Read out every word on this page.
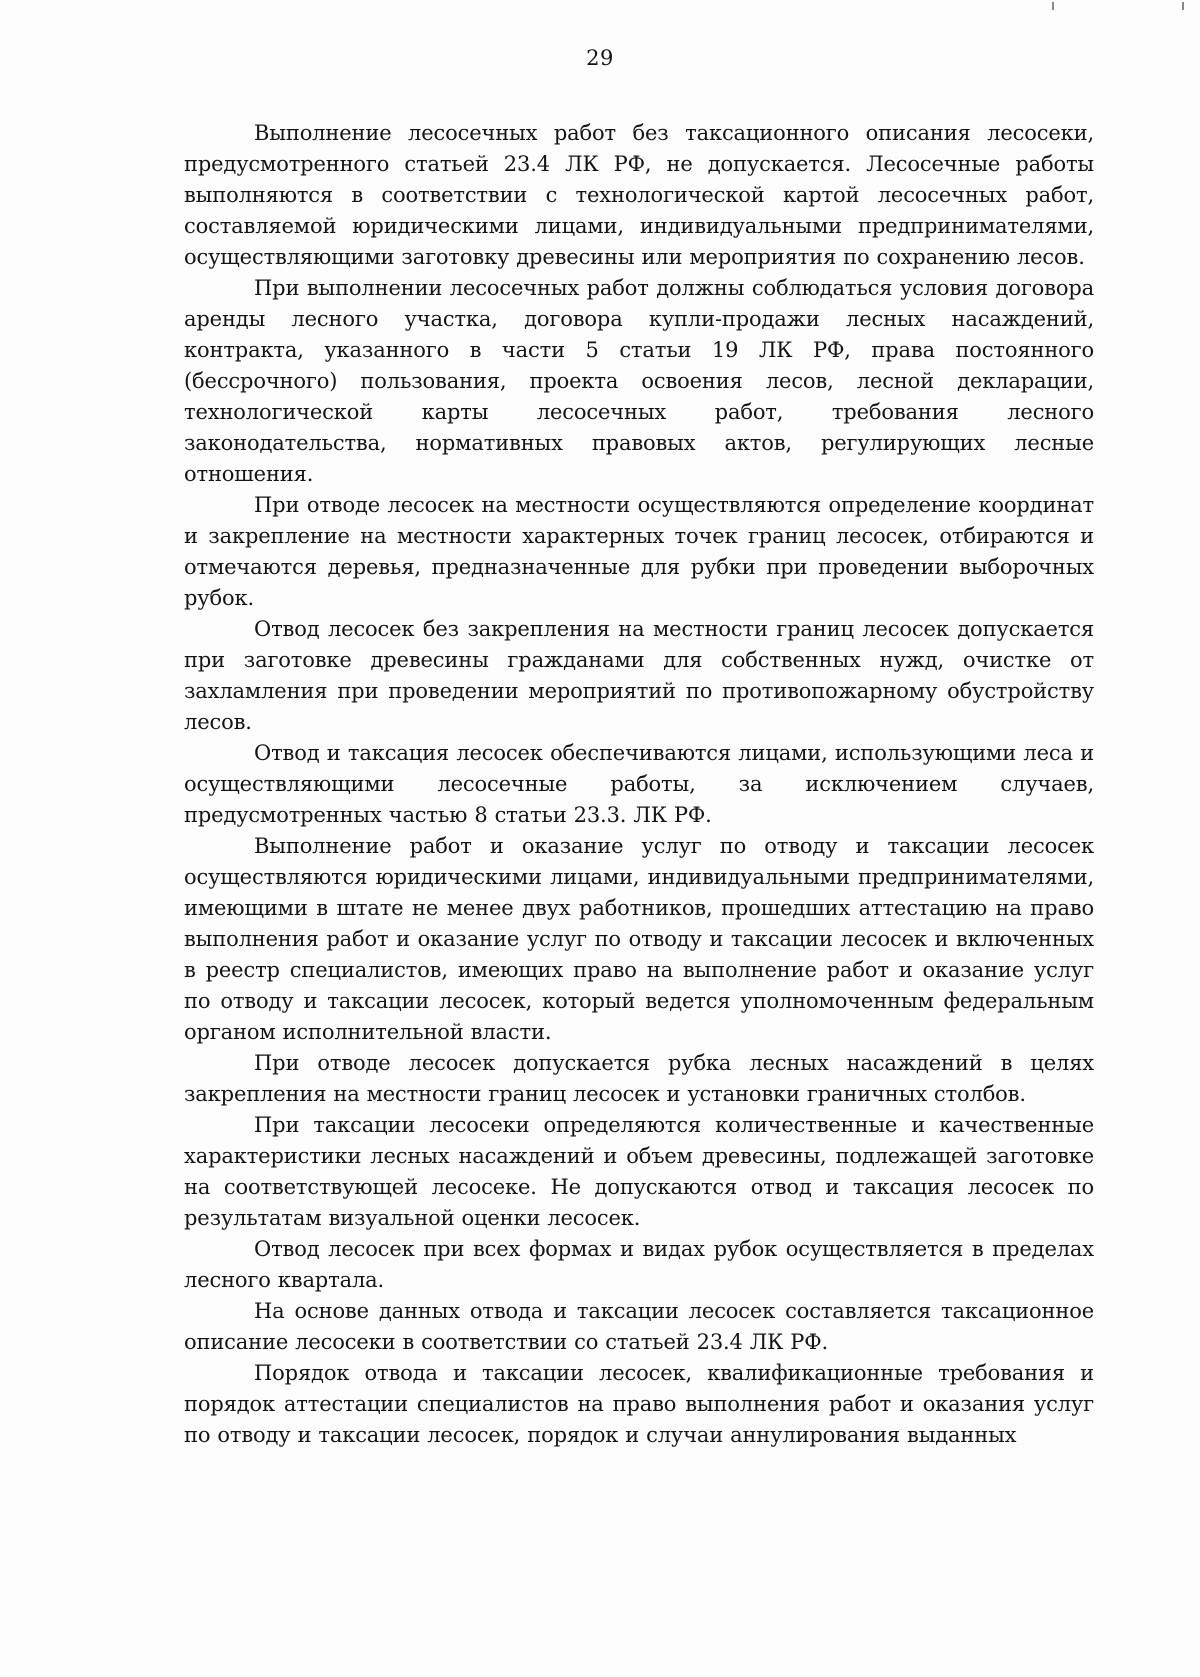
29

Выполнение лесосечных работ без таксационного описания лесосеки, предусмотренного статьей 23.4 ЛК РФ, не допускается. Лесосечные работы выполняются в соответствии с технологической картой лесосечных работ, составляемой юридическими лицами, индивидуальными предпринимателями, осуществляющими заготовку древесины или мероприятия по сохранению лесов.

При выполнении лесосечных работ должны соблюдаться условия договора аренды лесного участка, договора купли-продажи лесных насаждений, контракта, указанного в части 5 статьи 19 ЛК РФ, права постоянного (бессрочного) пользования, проекта освоения лесов, лесной декларации, технологической карты лесосечных работ, требования лесного законодательства, нормативных правовых актов, регулирующих лесные отношения.

При отводе лесосек на местности осуществляются определение координат и закрепление на местности характерных точек границ лесосек, отбираются и отмечаются деревья, предназначенные для рубки при проведении выборочных рубок.

Отвод лесосек без закрепления на местности границ лесосек допускается при заготовке древесины гражданами для собственных нужд, очистке от захламления при проведении мероприятий по противопожарному обустройству лесов.

Отвод и таксация лесосек обеспечиваются лицами, использующими леса и осуществляющими лесосечные работы, за исключением случаев, предусмотренных частью 8 статьи 23.3. ЛК РФ.

Выполнение работ и оказание услуг по отводу и таксации лесосек осуществляются юридическими лицами, индивидуальными предпринимателями, имеющими в штате не менее двух работников, прошедших аттестацию на право выполнения работ и оказание услуг по отводу и таксации лесосек и включенных в реестр специалистов, имеющих право на выполнение работ и оказание услуг по отводу и таксации лесосек, который ведется уполномоченным федеральным органом исполнительной власти.

При отводе лесосек допускается рубка лесных насаждений в целях закрепления на местности границ лесосек и установки граничных столбов.

При таксации лесосеки определяются количественные и качественные характеристики лесных насаждений и объем древесины, подлежащей заготовке на соответствующей лесосеке. Не допускаются отвод и таксация лесосек по результатам визуальной оценки лесосек.

Отвод лесосек при всех формах и видах рубок осуществляется в пределах лесного квартала.

На основе данных отвода и таксации лесосек составляется таксационное описание лесосеки в соответствии со статьей 23.4 ЛК РФ.

Порядок отвода и таксации лесосек, квалификационные требования и порядок аттестации специалистов на право выполнения работ и оказания услуг по отводу и таксации лесосек, порядок и случаи аннулирования выданных
